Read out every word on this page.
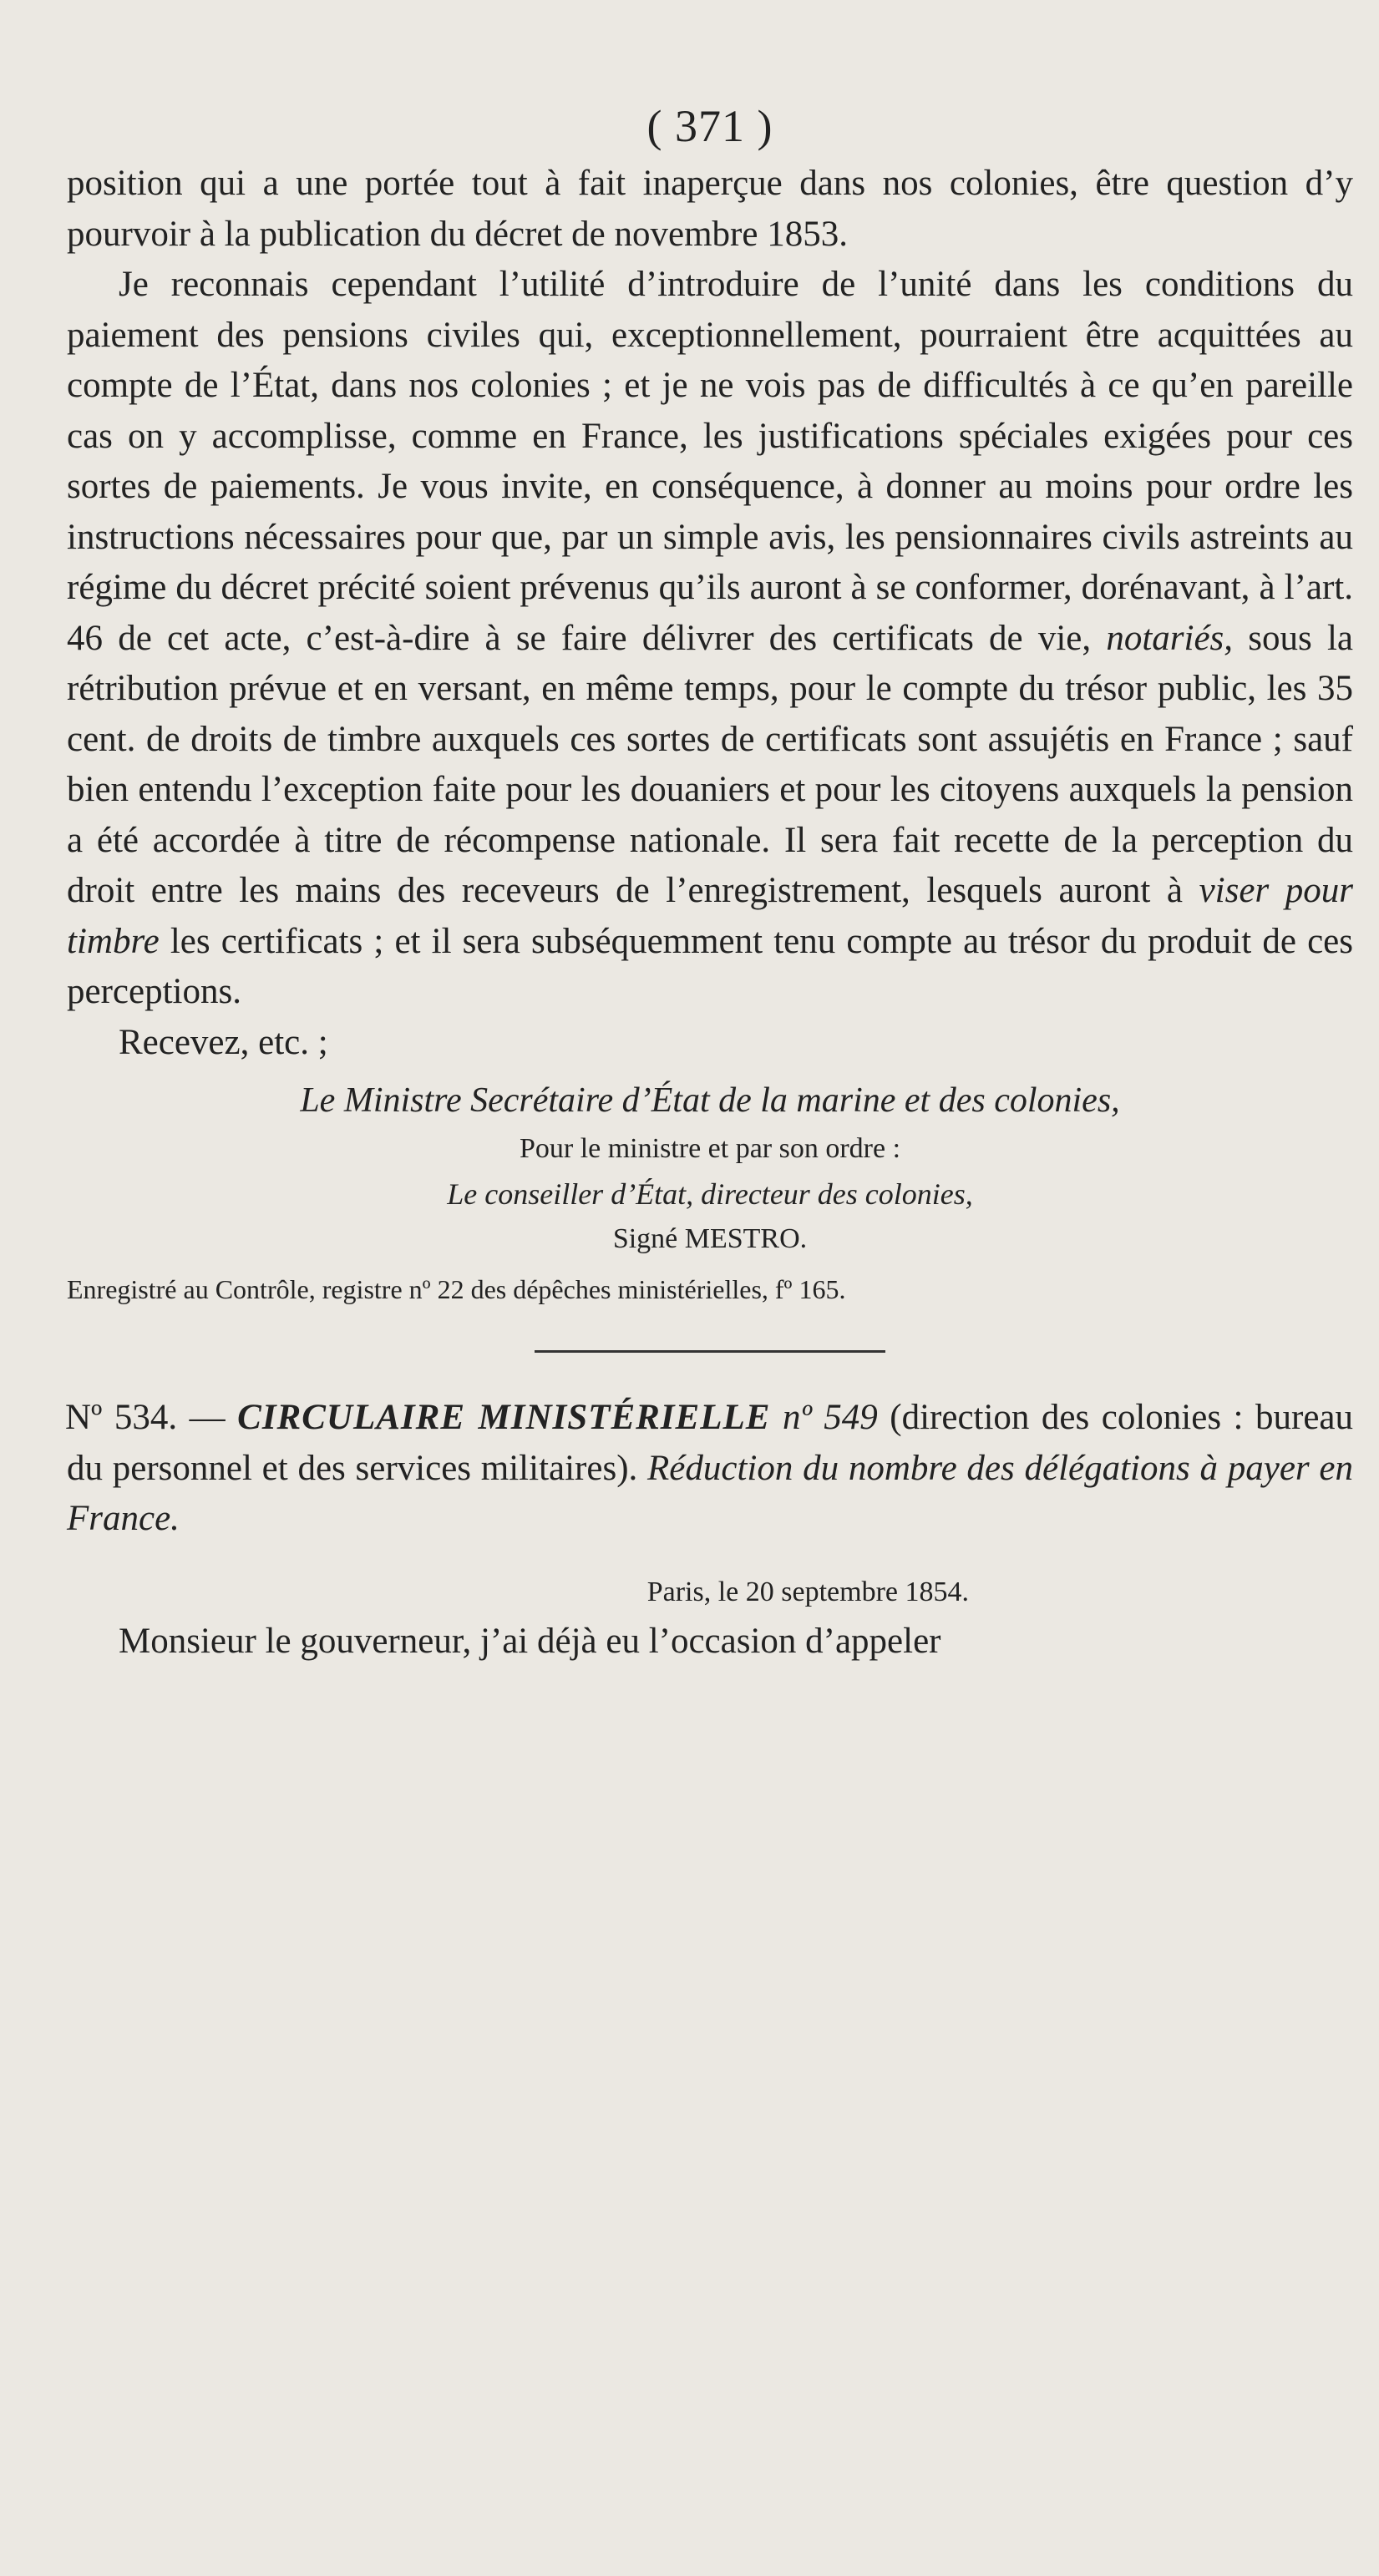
( 371 )

position qui a une portée tout à fait inaperçue dans nos colonies, être question d’y pourvoir à la publication du décret de novembre 1853.

Je reconnais cependant l’utilité d’introduire de l’unité dans les conditions du paiement des pensions civiles qui, exceptionnellement, pourraient être acquittées au compte de l’État, dans nos colonies ; et je ne vois pas de difficultés à ce qu’en pareille cas on y accomplisse, comme en France, les justifications spéciales exigées pour ces sortes de paiements. Je vous invite, en conséquence, à donner au moins pour ordre les instructions nécessaires pour que, par un simple avis, les pensionnaires civils astreints au régime du décret précité soient prévenus qu’ils auront à se conformer, dorénavant, à l’art. 46 de cet acte, c’est-à-dire à se faire délivrer des certificats de vie, notariés, sous la rétribution prévue et en versant, en même temps, pour le compte du trésor public, les 35 cent. de droits de timbre auxquels ces sortes de certificats sont assujétis en France ; sauf bien entendu l’exception faite pour les douaniers et pour les citoyens auxquels la pension a été accordée à titre de récompense nationale. Il sera fait recette de la perception du droit entre les mains des receveurs de l’enregistrement, lesquels auront à viser pour timbre les certificats ; et il sera subséquemment tenu compte au trésor du produit de ces perceptions.

Recevez, etc. ;

Le Ministre Secrétaire d’État de la marine et des colonies,
Pour le ministre et par son ordre :
Le conseiller d’État, directeur des colonies,
Signé MESTRO.
Enregistré au Contrôle, registre nº 22 des dépêches ministérielles, fº 165.

Nº 534. — CIRCULAIRE MINISTÉRIELLE nº 549 (direction des colonies : bureau du personnel et des services militaires). Réduction du nombre des délégations à payer en France.

Paris, le 20 septembre 1854.

Monsieur le gouverneur, j’ai déjà eu l’occasion d’appeler
